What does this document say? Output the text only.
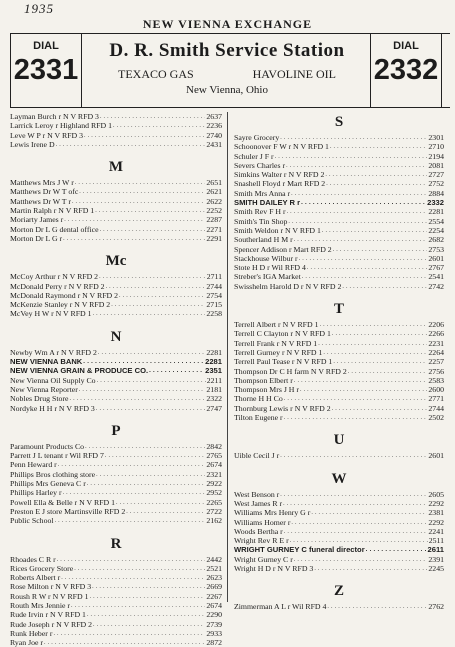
1935
NEW VIENNA EXCHANGE
DIAL
2331
D. R. Smith Service Station
TEXACO GAS	HAVOLINE OIL
New Vienna, Ohio
DIAL
2332
Layman Burch r N V RFD 3 . . .	2637
Larrick Leroy r Highland RFD 1 . . .	2236
Leve W P r N V RFD 3 . . .	2740
Lewis Irene D . . .	2431
M
Matthews Mrs J W r . . .	2651
Matthews Dr W T ofc . . .	2621
Matthews Dr W T r . . .	2622
Martin Ralph r N V RFD 1 . . .	2252
Moriarty James r . . .	2287
Morton Dr L G dental office . . .	2271
Morton Dr L G r . . .	2291
Mc
McCoy Arthur r N V RFD 2 . . .	2711
McDonald Perry r N V RFD 2 . . .	2744
McDonald Raymond r N V RFD 2 . . .	2754
McKenzie Stanley r N V RFD 2 . . .	2715
McVey H W r N V RFD 1 . . .	2258
N
Newby Wm A r N V RFD 2 . . .	2281
NEW VIENNA BANK . . .	2281
NEW VIENNA GRAIN & PRODUCE CO. . . .	2351
New Vienna Oil Supply Co . . .	2211
New Vienna Reporter . . .	2181
Nobles Drug Store . . .	2322
Nordyke H H r N V RFD 3 . . .	2747
P
Paramount Products Co . . .	2842
Parrett J L tenant r Wil RFD 7 . . .	2765
Penn Heward r . . .	2674
Phillips Bros clothing store . . .	2321
Phillips Mrs Geneva C r . . .	2922
Phillips Harley r . . .	2952
Powell Ella & Belle r N V RFD 1 . . .	2265
Preston E J store Martinsville RFD 2 . . .	2722
Public School . . .	2162
R
Rhoades C R r . . .	2442
Rices Grocery Store . . .	2521
Roberts Albert r . . .	2623
Rose Milton r N V RFD 3 . . .	2669
Roush R W r N V RFD 1 . . .	2267
Routh Mrs Jennie r . . .	2674
Rude Irvin r N V RFD 1 . . .	2290
Rude Joseph r N V RFD 2 . . .	2739
Runk Heber r . . .	2933
Ryan Joe r . . .	2872
S
Sayre Grocery . . .	2301
Schoonover F W r N V RFD 1 . . .	2710
Schuler J F r . . .	2194
Severs Charles r . . .	2081
Simkins Walter r N V RFD 2 . . .	2727
Snashell Floyd r Mart RFD 2 . . .	2752
Smith Mrs Anna r . . .	2884
SMITH DAILEY R r . . .	2332
Smith Rev F H r . . .	2281
Smith's Tin Shop . . .	2554
Smith Weldon r N V RFD 1 . . .	2254
Southerland H M r . . .	2682
Spencer Addison r Mart RFD 2 . . .	2753
Stackhouse Wilbur r . . .	2601
Stote H D r Wil RFD 4 . . .	2767
Streber's IGA Market . . .	2541
Swisshelm Harold D r N V RFD 2 . . .	2742
T
Terrell Albert r N V RFD 1 . . .	2206
Terrell C Clayton r N V RFD 1 . . .	2266
Terrell Frank r N V RFD 1 . . .	2231
Terrell Gurney r N V RFD 1 . . .	2264
Terrell Paul Tease r N V RFD 1 . . .	2257
Thompson Dr C H farm N V RFD 2 . . .	2756
Thompson Elbert r . . .	2583
Thompson Mrs J H r . . .	2600
Thorne H H Co . . .	2771
Thornburg Lewis r N V RFD 2 . . .	2744
Tilton Eugene r . . .	2502
U
Uible Cecil J r . . .	2601
W
West Benson r . . .	2605
West James R r . . .	2292
Williams Mrs Henry G r . . .	2381
Williams Homer r . . .	2292
Woods Bertha r . . .	2241
Wright Rev R E r . . .	2511
WRIGHT GURNEY C funeral director . . .	2611
Wright Gurney C r . . .	2391
Wright H D r N V RFD 3 . . .	2245
Z
Zimmerman A L r Wil RFD 4 . . .	2762
